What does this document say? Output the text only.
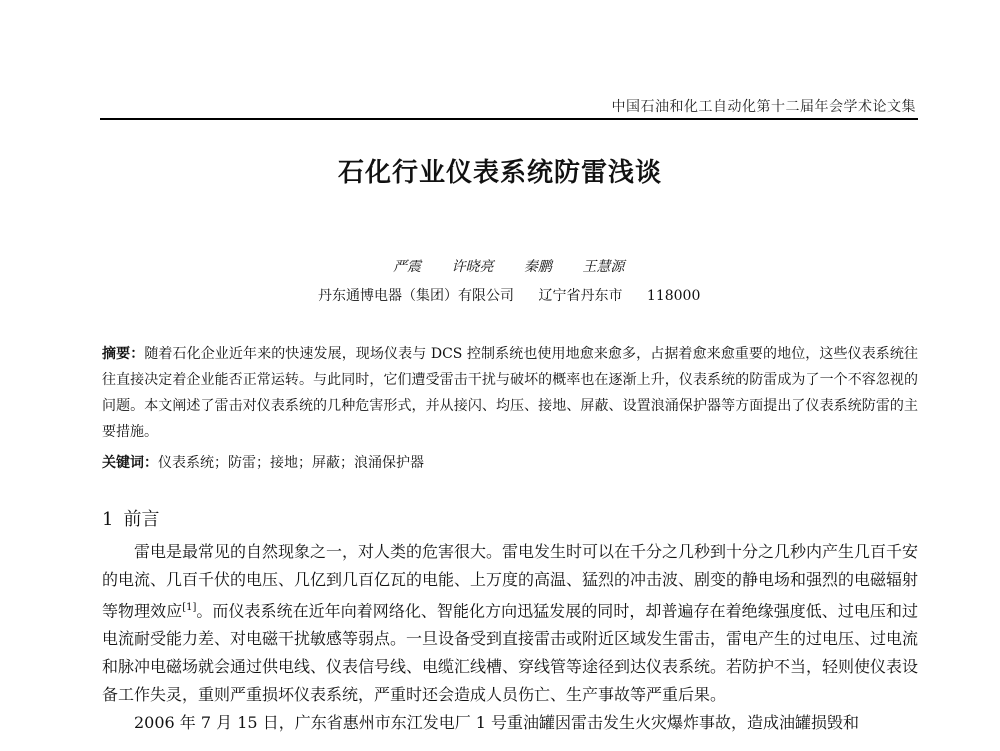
中国石油和化工自动化第十二届年会学术论文集
石化行业仪表系统防雷浅谈
严震 许晓亮 秦鹏 王慧源
丹东通博电器（集团）有限公司 辽宁省丹东市 118000
摘要：随着石化企业近年来的快速发展，现场仪表与 DCS 控制系统也使用地愈来愈多，占据着愈来愈重要的地位，这些仪表系统往往直接决定着企业能否正常运转。与此同时，它们遭受雷击干扰与破坏的概率也在逐渐上升，仪表系统的防雷成为了一个不容忽视的问题。本文阐述了雷击对仪表系统的几种危害形式，并从接闪、均压、接地、屏蔽、设置浪涌保护器等方面提出了仪表系统防雷的主要措施。
关键词：仪表系统；防雷；接地；屏蔽；浪涌保护器
1 前言

雷电是最常见的自然现象之一，对人类的危害很大。雷电发生时可以在千分之几秒到十分之几秒内产生几百千安的电流、几百千伏的电压、几亿到几百亿瓦的电能、上万度的高温、猛烈的冲击波、剧变的静电场和强烈的电磁辐射等物理效应[1]。而仪表系统在近年向着网络化、智能化方向迅猛发展的同时，却普遍存在着绝缘强度低、过电压和过电流耐受能力差、对电磁干扰敏感等弱点。一旦设备受到直接雷击或附近区域发生雷击，雷电产生的过电压、过电流和脉冲电磁场就会通过供电线、仪表信号线、电缆汇线槽、穿线管等途径到达仪表系统。若防护不当，轻则使仪表设备工作失灵，重则严重损坏仪表系统，严重时还会造成人员伤亡、生产事故等严重后果。

2006 年 7 月 15 日，广东省惠州市东江发电厂 1 号重油罐因雷击发生火灾爆炸事故，造成油罐损毁和
